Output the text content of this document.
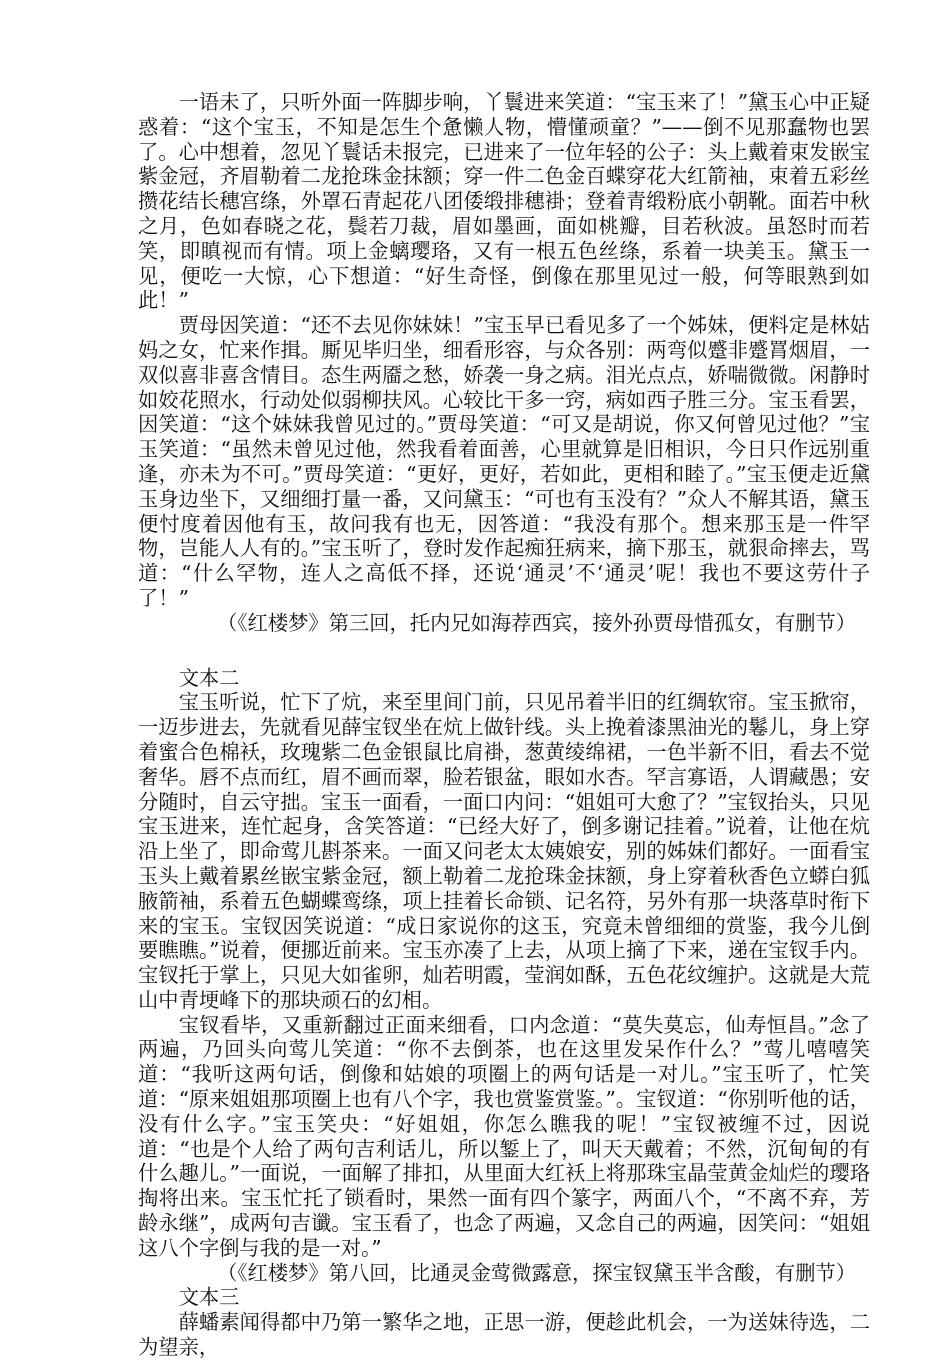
一语未了，只听外面一阵脚步响，丫鬟进来笑道：“宝玉来了！”黛玉心中正疑惑着：“这个宝玉，不知是怎生个惫懒人物，懵懂顽童？”——倒不见那蠢物也罢了。心中想着，忽见丫鬟话未报完，已进来了一位年轻的公子：头上戴着束发嵌宝紫金冠，齐眉勒着二龙抢珠金抹额；穿一件二色金百蝶穿花大红箭袖，束着五彩丝攒花结长穗宫绦，外罩石青起花八团倭缎排穗褂；登着青缎粉底小朝靴。面若中秋之月，色如春晓之花，鬓若刀裁，眉如墨画，面如桃瓣，目若秋波。虽怒时而若笑，即瞋视而有情。项上金螭璎珞，又有一根五色丝绦，系着一块美玉。黛玉一见，便吃一大惊，心下想道：“好生奇怪，倒像在那里见过一般，何等眼熟到如此！”

贾母因笑道：“还不去见你妹妹！”宝玉早已看见多了一个姊妹，便料定是林姑妈之女，忙来作揖。厮见毕归坐，细看形容，与众各别：两弯似蹙非蹙罥烟眉，一双似喜非喜含情目。态生两靥之愁，娇袭一身之病。泪光点点，娇喘微微。闲静时如姣花照水，行动处似弱柳扶风。心较比干多一窍，病如西子胜三分。宝玉看罢，因笑道：“这个妹妹我曾见过的。”贾母笑道：“可又是胡说，你又何曾见过他？”宝玉笑道：“虽然未曾见过他，然我看着面善，心里就算是旧相识，今日只作远别重逢，亦未为不可。”贾母笑道：“更好，更好，若如此，更相和睦了。”宝玉便走近黛玉身边坐下，又细细打量一番，又问黛玉：“可也有玉没有？”众人不解其语，黛玉便忖度着因他有玉，故问我有也无，因答道：“我没有那个。想来那玉是一件罕物，岂能人人有的。”宝玉听了，登时发作起痴狂病来，摘下那玉，就狠命摔去，骂道：“什么罕物，连人之高低不择，还说‘通灵’不‘通灵’呢！我也不要这劳什子了！”

（《红楼梦》第三回，托内兄如海荐西宾，接外孙贾母惜孤女，有删节）

文本二

宝玉听说，忙下了炕，来至里间门前，只见吊着半旧的红绸软帘。宝玉掀帘，一迈步进去，先就看见薛宝钗坐在炕上做针线。头上挽着漆黑油光的鬈儿，身上穿着蜜合色棉袄，玫瑰紫二色金银鼠比肩褂，葱黄绫绵裙，一色半新不旧，看去不觉奢华。唇不点而红，眉不画而翠，脸若银盆，眼如水杏。罕言寡语，人谓藏愚；安分随时，自云守拙。宝玉一面看，一面口内问：“姐姐可大愈了？”宝钗抬头，只见宝玉进来，连忙起身，含笑答道：“已经大好了，倒多谢记挂着。”说着，让他在炕沿上坐了，即命莺儿斟茶来。一面又问老太太姨娘安，别的姊妹们都好。一面看宝玉头上戴着累丝嵌宝紫金冠，额上勒着二龙抢珠金抹额，身上穿着秋香色立蟒白狐腋箭袖，系着五色蝴蝶鸾绦，项上挂着长命锁、记名符，另外有那一块落草时衔下来的宝玉。宝钗因笑说道：“成日家说你的这玉，究竟未曾细细的赏鉴，我今儿倒要瞧瞧。”说着，便挪近前来。宝玉亦凑了上去，从项上摘了下来，递在宝钗手内。宝钗托于掌上，只见大如雀卵，灿若明霞，莹润如酥，五色花纹缠护。这就是大荒山中青埂峰下的那块顽石的幻相。

宝钗看毕，又重新翻过正面来细看，口内念道：“莫失莫忘，仙寿恒昌。”念了两遍，乃回头向莺儿笑道：“你不去倒茶，也在这里发呆作什么？”莺儿嘻嘻笑道：“我听这两句话，倒像和姑娘的项圈上的两句话是一对儿。”宝玉听了，忙笑道：“原来姐姐那项圈上也有八个字，我也赏鉴赏鉴。”。宝钗道：“你别听他的话，没有什么字。”宝玉笑央：“好姐姐，你怎么瞧我的呢！”宝钗被缠不过，因说道：“也是个人给了两句吉利话儿，所以錾上了，叫天天戴着；不然，沉甸甸的有什么趣儿。”一面说，一面解了排扣，从里面大红袄上将那珠宝晶莹黄金灿烂的璎珞掏将出来。宝玉忙托了锁看时，果然一面有四个篆字，两面八个，“不离不弃，芳龄永继”，成两句吉谶。宝玉看了，也念了两遍，又念自己的两遍，因笑问：“姐姐这八个字倒与我的是一对。”

（《红楼梦》第八回，比通灵金莺微露意，探宝钗黛玉半含酸，有删节）

文本三

薛蟠素闻得都中乃第一繁华之地，正思一游，便趁此机会，一为送妹待选，二为望亲，
